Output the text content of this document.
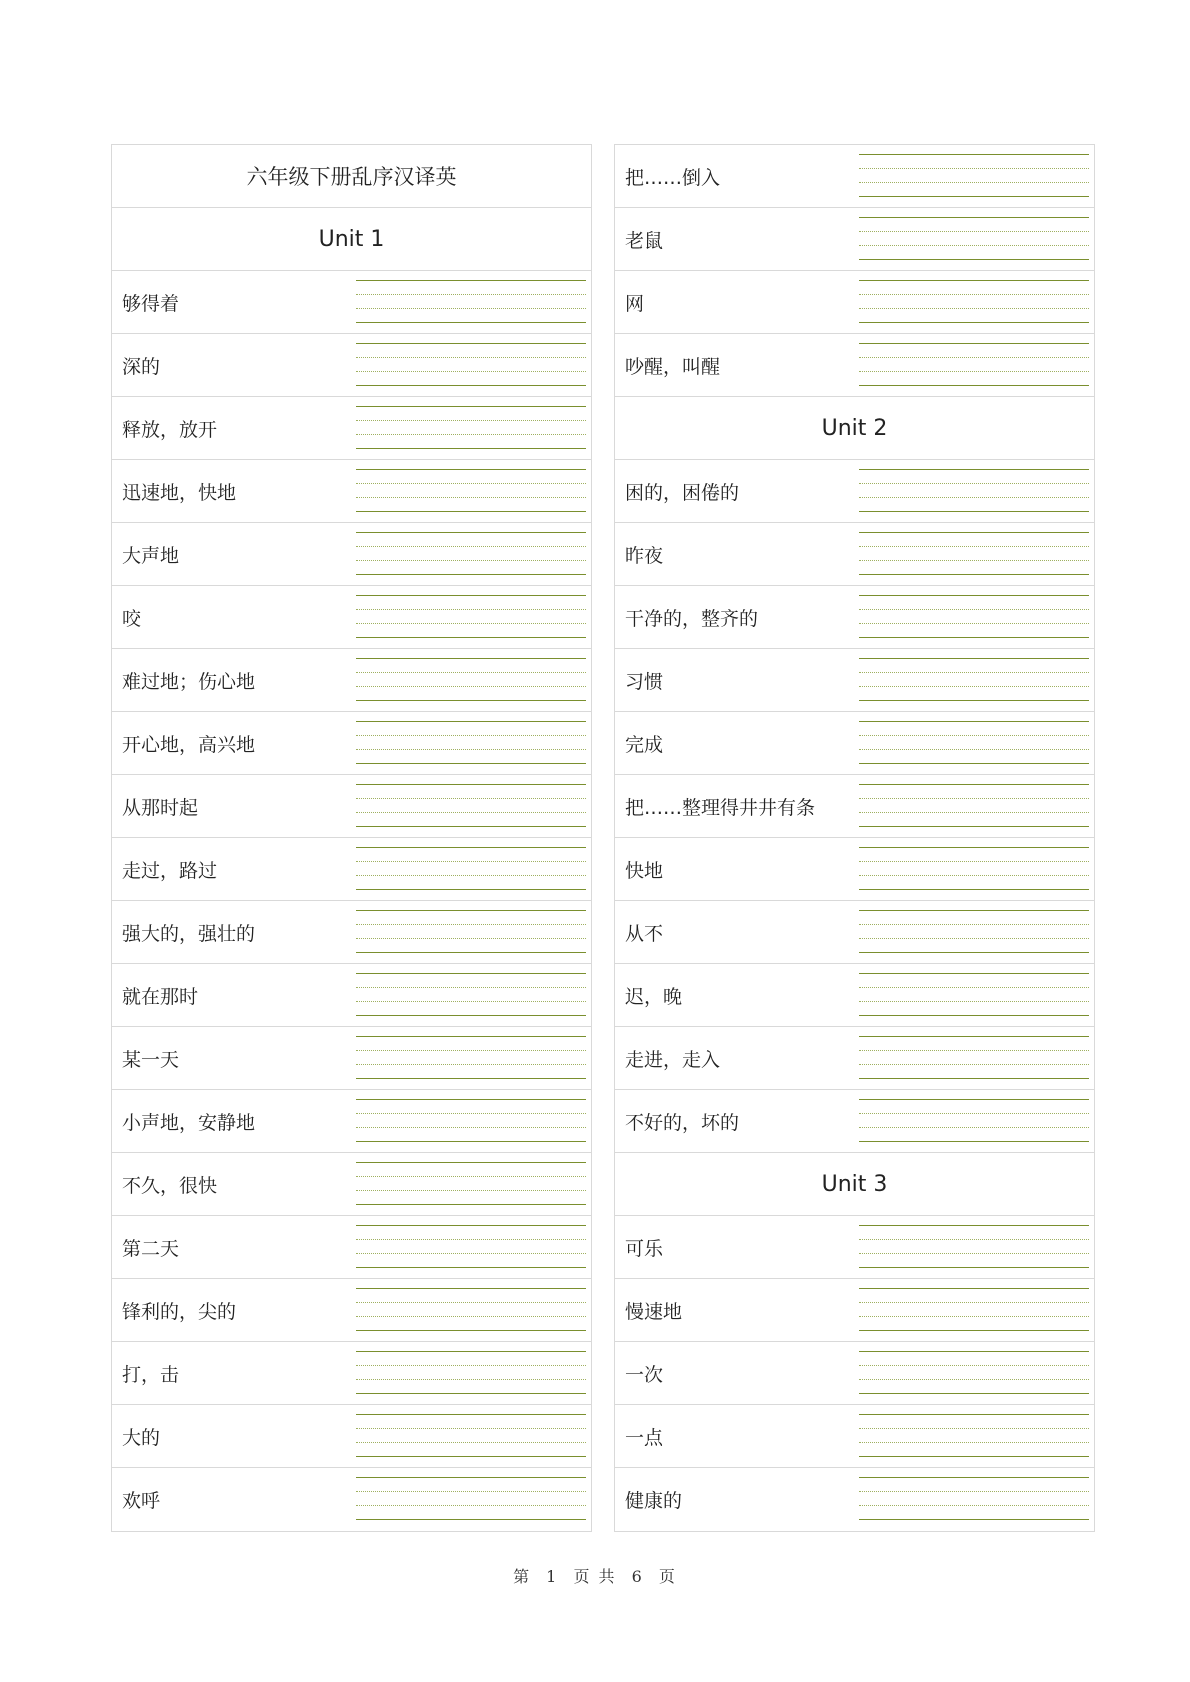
六年级下册乱序汉译英
Unit 1
够得着
深的
释放，放开
迅速地，快地
大声地
咬
难过地；伤心地
开心地，高兴地
从那时起
走过，路过
强大的，强壮的
就在那时
某一天
小声地，安静地
不久，很快
第二天
锋利的，尖的
打，击
大的
欢呼
把……倒入
老鼠
网
吵醒，叫醒
Unit 2
困的，困倦的
昨夜
干净的，整齐的
习惯
完成
把……整理得井井有条
快地
从不
迟，晚
走进，走入
不好的，坏的
Unit 3
可乐
慢速地
一次
一点
健康的
第 1 页 共 6 页
